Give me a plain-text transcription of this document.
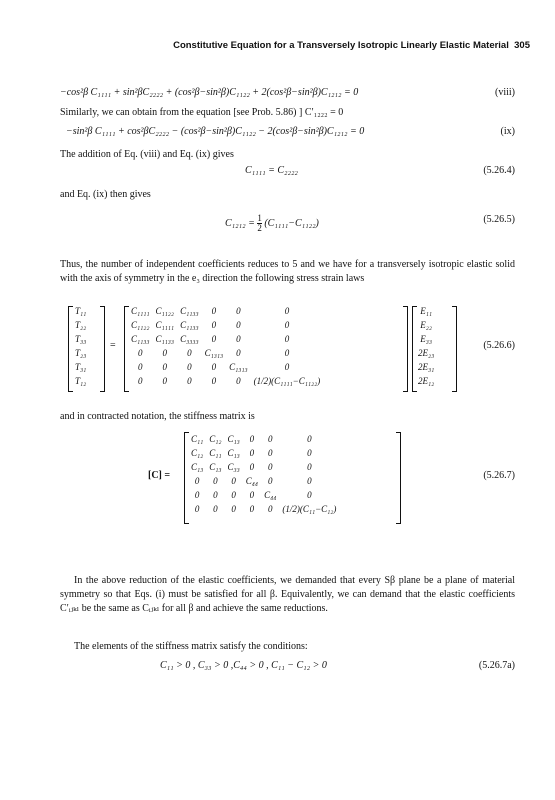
Constitutive Equation for a Transversely Isotropic Linearly Elastic Material 305
−cos²β C₁₁₁₁ + sin²βC₂₂₂₂ + (cos²β−sin²β)C₁₁₂₂ + 2(cos²β−sin²β)C₁₂₁₂ = 0	(viii)
Similarly, we can obtain from the equation [see Prob. 5.86) ] C′₁₂₂₂ = 0
−sin²β C₁₁₁₁ + cos²βC₂₂₂₂ − (cos²β−sin²β)C₁₁₂₂ − 2(cos²β−sin²β)C₁₂₁₂ = 0	(ix)
The addition of Eq. (viii) and Eq. (ix) gives
C₁₁₁₁ = C₂₂₂₂	(5.26.4)
and Eq. (ix) then gives
$C_{1212} = \frac{1}{2} (C_{1111}-C_{1122})$	(5.26.5)
Thus, the number of independent coefficients reduces to 5 and we have for a transversely isotropic elastic solid with the axis of symmetry in the e₃ direction the following stress strain laws
T₁₁
T₂₂
T₃₃
T₂₃
T₃₁
T₁₂
=
C₁₁₁₁	C₁₁₂₂	C₁₁₃₃	0	0	0
C₁₁₂₂	C₁₁₁₁	C₁₁₃₃	0	0	0
C₁₁₃₃	C₁₁₃₃	C₃₃₃₃	0	0	0
0	0	0	C₁₃₁₃	0	0
0	0	0	0	C₁₃₁₃	0
0	0	0	0	0	(1/2)(C₁₁₁₁−C₁₁₂₂)
E₁₁
E₂₂
E₃₃
2E₂₃
2E₃₁
2E₁₂
(5.26.6)
and in contracted notation, the stiffness matrix is
[C] =
C₁₁	C₁₂	C₁₃	0	0	0
C₁₂	C₁₁	C₁₃	0	0	0
C₁₃	C₁₃	C₃₃	0	0	0
0	0	0	C₄₄	0	0
0	0	0	0	C₄₄	0
0	0	0	0	0	(1/2)(C₁₁−C₁₂)
(5.26.7)
In the above reduction of the elastic coefficients, we demanded that every Sβ plane be a plane of material symmetry so that Eqs. (i) must be satisfied for all β. Equivalently, we can demand that the elastic coefficients C′ᵢⱼₖₗ be the same as Cᵢⱼₖₗ for all β and achieve the same reductions.
The elements of the stiffness matrix satisfy the conditions:
C₁₁ > 0 , C₃₃ > 0 ,C₄₄ > 0 , C₁₁ − C₁₂ > 0	(5.26.7a)
